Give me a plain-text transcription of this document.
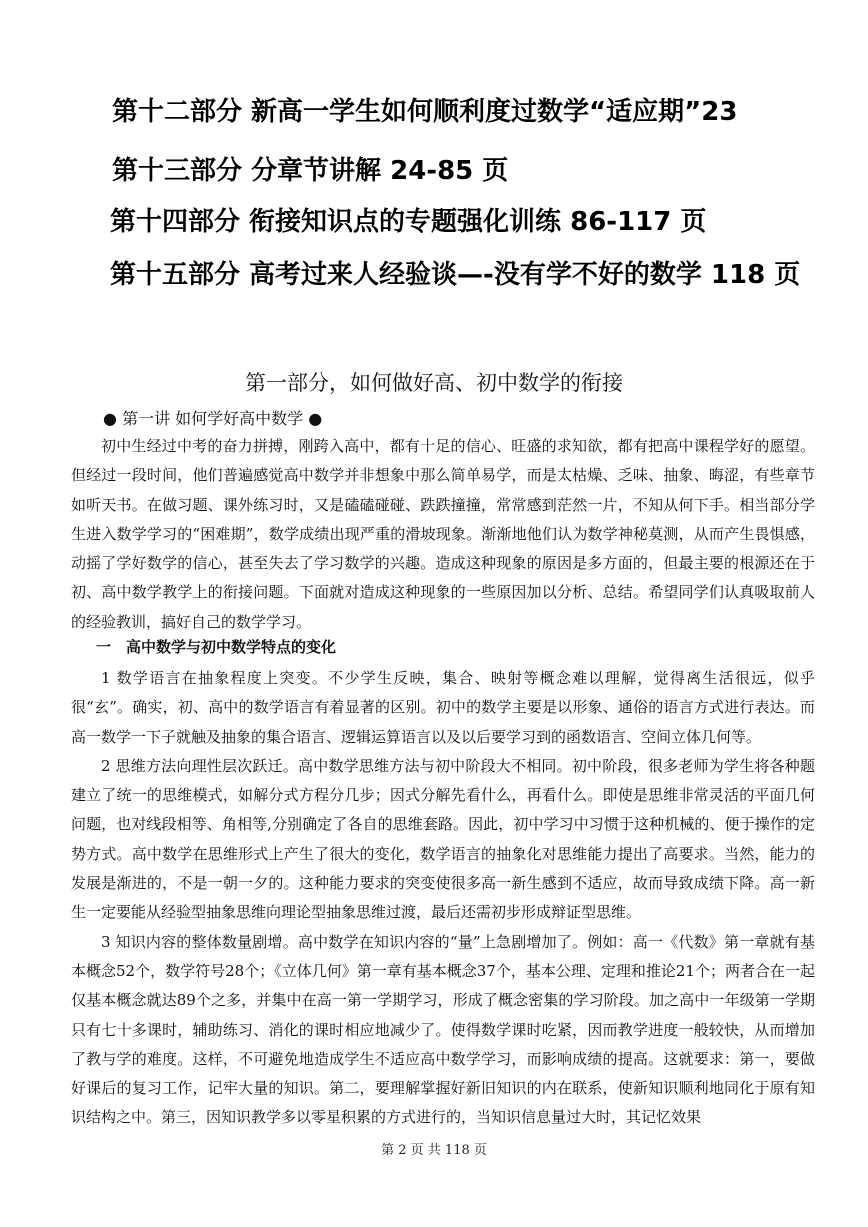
第十二部分 新高一学生如何顺利度过数学“适应期”23
第十三部分 分章节讲解 24-85 页
第十四部分 衔接知识点的专题强化训练 86-117 页
第十五部分 高考过来人经验谈—-没有学不好的数学 118 页
第一部分，如何做好高、初中数学的衔接
● 第一讲 如何学好高中数学 ●

初中生经过中考的奋力拼搏，刚跨入高中，都有十足的信心、旺盛的求知欲，都有把高中课程学好的愿望。但经过一段时间，他们普遍感觉高中数学并非想象中那么简单易学，而是太枯燥、乏味、抽象、晦涩，有些章节如听天书。在做习题、课外练习时，又是磕磕碰碰、跌跌撞撞，常常感到茫然一片，不知从何下手。相当部分学生进入数学学习的“困难期”，数学成绩出现严重的滑坡现象。渐渐地他们认为数学神秘莫测，从而产生畏惧感，动摇了学好数学的信心，甚至失去了学习数学的兴趣。造成这种现象的原因是多方面的，但最主要的根源还在于初、高中数学教学上的衔接问题。下面就对造成这种现象的一些原因加以分析、总结。希望同学们认真吸取前人的经验教训，搞好自己的数学学习。

一　高中数学与初中数学特点的变化

1 数学语言在抽象程度上突变。不少学生反映，集合、映射等概念难以理解，觉得离生活很远，似乎很“玄”。确实，初、高中的数学语言有着显著的区别。初中的数学主要是以形象、通俗的语言方式进行表达。而高一数学一下子就触及抽象的集合语言、逻辑运算语言以及以后要学习到的函数语言、空间立体几何等。

2 思维方法向理性层次跃迁。高中数学思维方法与初中阶段大不相同。初中阶段，很多老师为学生将各种题建立了统一的思维模式，如解分式方程分几步；因式分解先看什么，再看什么。即使是思维非常灵活的平面几何问题，也对线段相等、角相等,分别确定了各自的思维套路。因此，初中学习中习惯于这种机械的、便于操作的定势方式。高中数学在思维形式上产生了很大的变化，数学语言的抽象化对思维能力提出了高要求。当然，能力的发展是渐进的，不是一朝一夕的。这种能力要求的突变使很多高一新生感到不适应，故而导致成绩下降。高一新生一定要能从经验型抽象思维向理论型抽象思维过渡，最后还需初步形成辩证型思维。

3 知识内容的整体数量剧增。高中数学在知识内容的“量”上急剧增加了。例如：高一《代数》第一章就有基本概念52个，数学符号28个；《立体几何》第一章有基本概念37个，基本公理、定理和推论21个；两者合在一起仅基本概念就达89个之多，并集中在高一第一学期学习，形成了概念密集的学习阶段。加之高中一年级第一学期只有七十多课时，辅助练习、消化的课时相应地减少了。使得数学课时吃紧，因而教学进度一般较快，从而增加了教与学的难度。这样，不可避免地造成学生不适应高中数学学习，而影响成绩的提高。这就要求：第一，要做好课后的复习工作，记牢大量的知识。第二，要理解掌握好新旧知识的内在联系，使新知识顺利地同化于原有知识结构之中。第三，因知识教学多以零星积累的方式进行的，当知识信息量过大时，其记忆效果

第 2 页 共 118 页
